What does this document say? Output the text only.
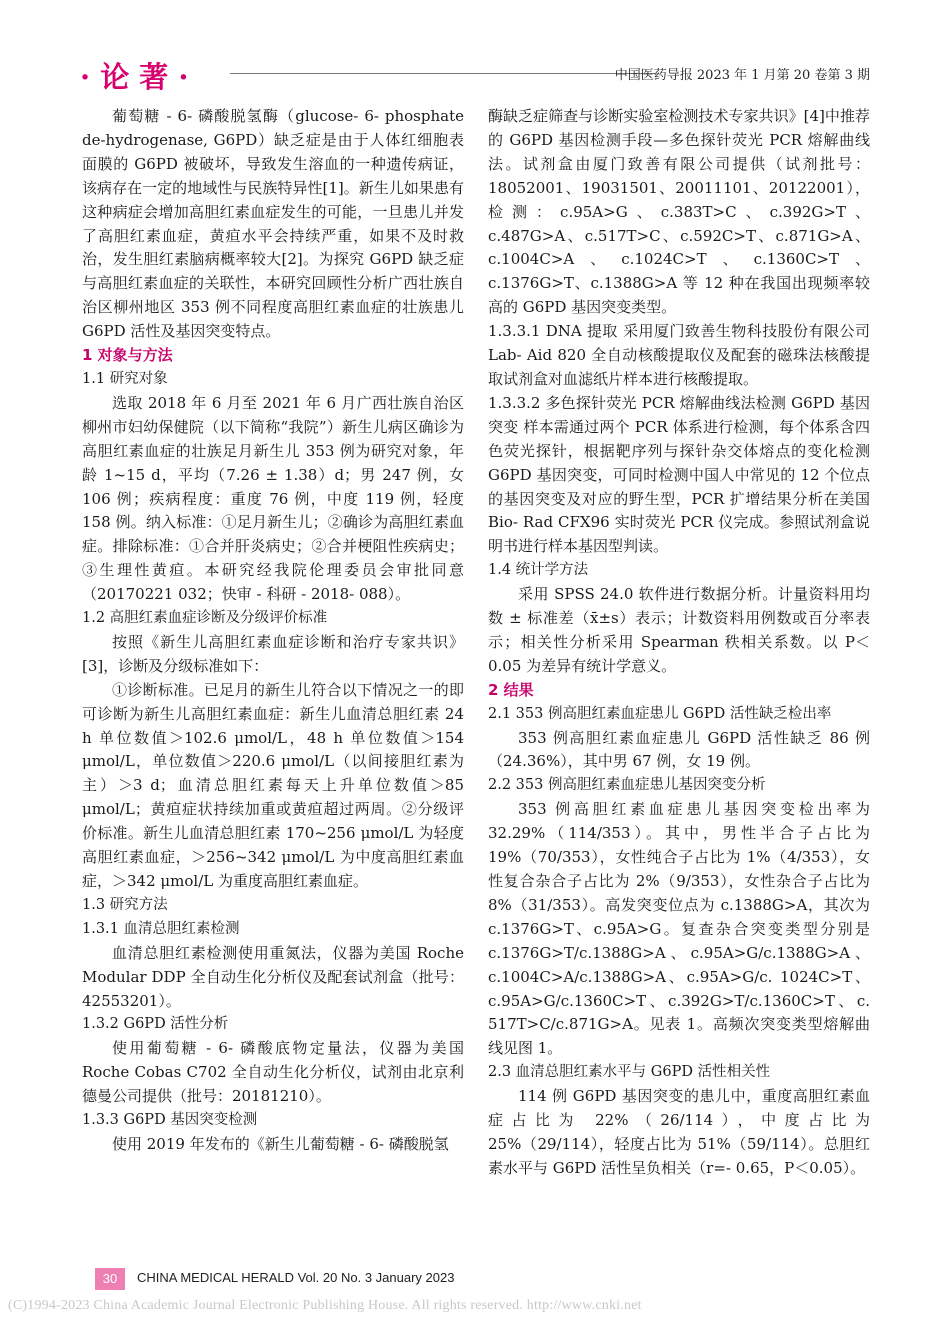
· 论 著 ·	中国医药导报 2023 年 1 月第 20 卷第 3 期
葡萄糖 - 6- 磷酸脱氢酶（glucose- 6- phosphate de-hydrogenase, G6PD）缺乏症是由于人体红细胞表面膜的 G6PD 被破坏，导致发生溶血的一种遗传病证，该病存在一定的地域性与民族特异性[1]。新生儿如果患有这种病症会增加高胆红素血症发生的可能，一旦患儿并发了高胆红素血症，黄疸水平会持续严重，如果不及时救治，发生胆红素脑病概率较大[2]。为探究 G6PD 缺乏症与高胆红素血症的关联性，本研究回顾性分析广西壮族自治区柳州地区 353 例不同程度高胆红素血症的壮族患儿 G6PD 活性及基因突变特点。
1 对象与方法
1.1 研究对象
选取 2018 年 6 月至 2021 年 6 月广西壮族自治区柳州市妇幼保健院（以下简称“我院”）新生儿病区确诊为高胆红素血症的壮族足月新生儿 353 例为研究对象，年龄 1~15 d，平均（7.26 ± 1.38）d；男 247 例，女 106 例；疾病程度：重度 76 例，中度 119 例，轻度 158 例。纳入标准：①足月新生儿；②确诊为高胆红素血症。排除标准：①合并肝炎病史；②合并梗阻性疾病史；③生理性黄疸。本研究经我院伦理委员会审批同意（20170221 032；快审 - 科研 - 2018- 088）。
1.2 高胆红素血症诊断及分级评价标准
按照《新生儿高胆红素血症诊断和治疗专家共识》[3]，诊断及分级标准如下：
①诊断标准。已足月的新生儿符合以下情况之一的即可诊断为新生儿高胆红素血症：新生儿血清总胆红素 24 h 单位数值＞102.6 μmol/L，48 h 单位数值＞154 μmol/L，单位数值＞220.6 μmol/L（以间接胆红素为主）＞3 d；血清总胆红素每天上升单位数值＞85 μmol/L；黄疸症状持续加重或黄疸超过两周。②分级评价标准。新生儿血清总胆红素 170~256 μmol/L 为轻度高胆红素血症，＞256~342 μmol/L 为中度高胆红素血症，＞342 μmol/L 为重度高胆红素血症。
1.3 研究方法
1.3.1 血清总胆红素检测
血清总胆红素检测使用重氮法，仪器为美国 Roche Modular DDP 全自动生化分析仪及配套试剂盒（批号：42553201）。
1.3.2 G6PD 活性分析
使用葡萄糖 - 6- 磷酸底物定量法，仪器为美国 Roche Cobas C702 全自动生化分析仪，试剂由北京利德曼公司提供（批号：20181210）。
1.3.3 G6PD 基因突变检测
使用 2019 年发布的《新生儿葡萄糖 - 6- 磷酸脱氢
酶缺乏症筛查与诊断实验室检测技术专家共识》[4]中推荐的 G6PD 基因检测手段—多色探针荧光 PCR 熔解曲线法。试剂盒由厦门致善有限公司提供（试剂批号：18052001、19031501、20011101、20122001），检测：c.95A>G、c.383T>C、c.392G>T、c.487G>A、c.517T>C、c.592C>T、c.871G>A、c.1004C>A、c.1024C>T、c.1360C>T、c.1376G>T、c.1388G>A 等 12 种在我国出现频率较高的 G6PD 基因突变类型。
1.3.3.1 DNA 提取 采用厦门致善生物科技股份有限公司 Lab- Aid 820 全自动核酸提取仪及配套的磁珠法核酸提取试剂盒对血滤纸片样本进行核酸提取。
1.3.3.2 多色探针荧光 PCR 熔解曲线法检测 G6PD 基因突变 样本需通过两个 PCR 体系进行检测，每个体系含四色荧光探针，根据靶序列与探针杂交体熔点的变化检测 G6PD 基因突变，可同时检测中国人中常见的 12 个位点的基因突变及对应的野生型，PCR 扩增结果分析在美国 Bio- Rad CFX96 实时荧光 PCR 仪完成。参照试剂盒说明书进行样本基因型判读。
1.4 统计学方法
采用 SPSS 24.0 软件进行数据分析。计量资料用均数 ± 标准差（x̄±s）表示；计数资料用例数或百分率表示；相关性分析采用 Spearman 秩相关系数。以 P＜0.05 为差异有统计学意义。
2 结果
2.1 353 例高胆红素血症患儿 G6PD 活性缺乏检出率
353 例高胆红素血症患儿 G6PD 活性缺乏 86 例（24.36%），其中男 67 例，女 19 例。
2.2 353 例高胆红素血症患儿基因突变分析
353 例高胆红素血症患儿基因突变检出率为 32.29%（114/353）。其中，男性半合子占比为 19%（70/353），女性纯合子占比为 1%（4/353），女性复合杂合子占比为 2%（9/353），女性杂合子占比为 8%（31/353）。高发突变位点为 c.1388G>A，其次为 c.1376G>T、c.95A>G。复查杂合突变类型分别是 c.1376G>T/c.1388G>A、c.95A>G/c.1388G>A、c.1004C>A/c.1388G>A、c.95A>G/c. 1024C>T、c.95A>G/c.1360C>T、c.392G>T/c.1360C>T、c. 517T>C/c.871G>A。见表 1。高频次突变类型熔解曲线见图 1。
2.3 血清总胆红素水平与 G6PD 活性相关性
114 例 G6PD 基因突变的患儿中，重度高胆红素血症占比为 22%（26/114），中度占比为 25%（29/114），轻度占比为 51%（59/114）。总胆红素水平与 G6PD 活性呈负相关（r=- 0.65，P＜0.05）。
30	CHINA MEDICAL HERALD Vol. 20 No. 3 January 2023
(C)1994-2023 China Academic Journal Electronic Publishing House. All rights reserved. http://www.cnki.net
